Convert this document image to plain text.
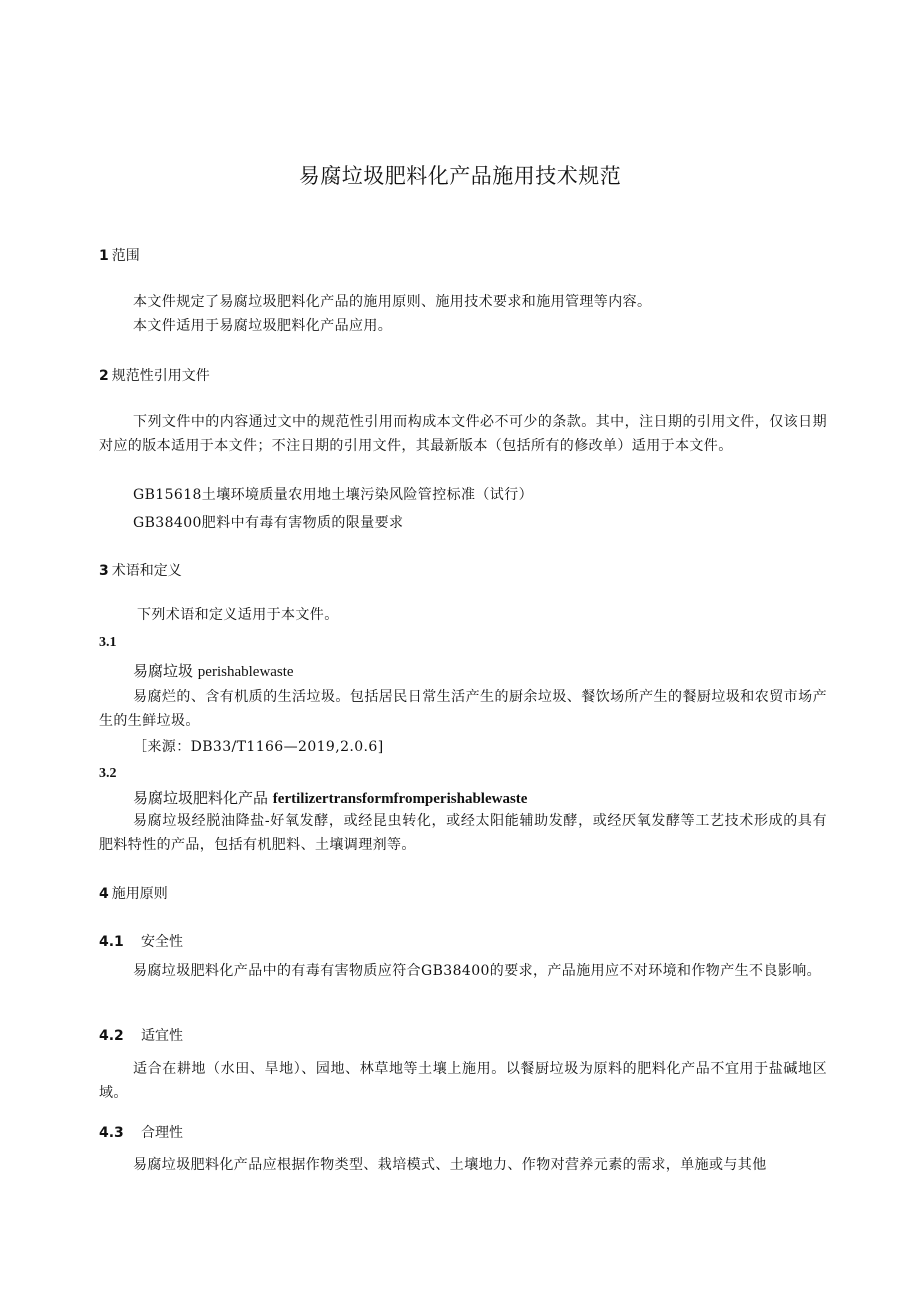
易腐垃圾肥料化产品施用技术规范
1 范围
本文件规定了易腐垃圾肥料化产品的施用原则、施用技术要求和施用管理等内容。
本文件适用于易腐垃圾肥料化产品应用。
2 规范性引用文件
下列文件中的内容通过文中的规范性引用而构成本文件必不可少的条款。其中，注日期的引用文件，仅该日期对应的版本适用于本文件；不注日期的引用文件，其最新版本（包括所有的修改单）适用于本文件。
GB15618土壤环境质量农用地土壤污染风险管控标准（试行）
GB38400肥料中有毒有害物质的限量要求
3 术语和定义
下列术语和定义适用于本文件。
3.1
易腐垃圾 perishablewaste
易腐烂的、含有机质的生活垃圾。包括居民日常生活产生的厨余垃圾、餐饮场所产生的餐厨垃圾和农贸市场产生的生鲜垃圾。
［来源：DB33/T1166—2019,2.0.6]
3.2
易腐垃圾肥料化产品 fertilizertransformfromperishablewaste
易腐垃圾经脱油降盐-好氧发酵，或经昆虫转化，或经太阳能辅助发酵，或经厌氧发酵等工艺技术形成的具有肥料特性的产品，包括有机肥料、土壤调理剂等。
4 施用原则
4.1 安全性
易腐垃圾肥料化产品中的有毒有害物质应符合GB38400的要求，产品施用应不对环境和作物产生不良影响。
4.2 适宜性
适合在耕地（水田、旱地）、园地、林草地等土壤上施用。以餐厨垃圾为原料的肥料化产品不宜用于盐碱地区域。
4.3 合理性
易腐垃圾肥料化产品应根据作物类型、栽培模式、土壤地力、作物对营养元素的需求，单施或与其他
